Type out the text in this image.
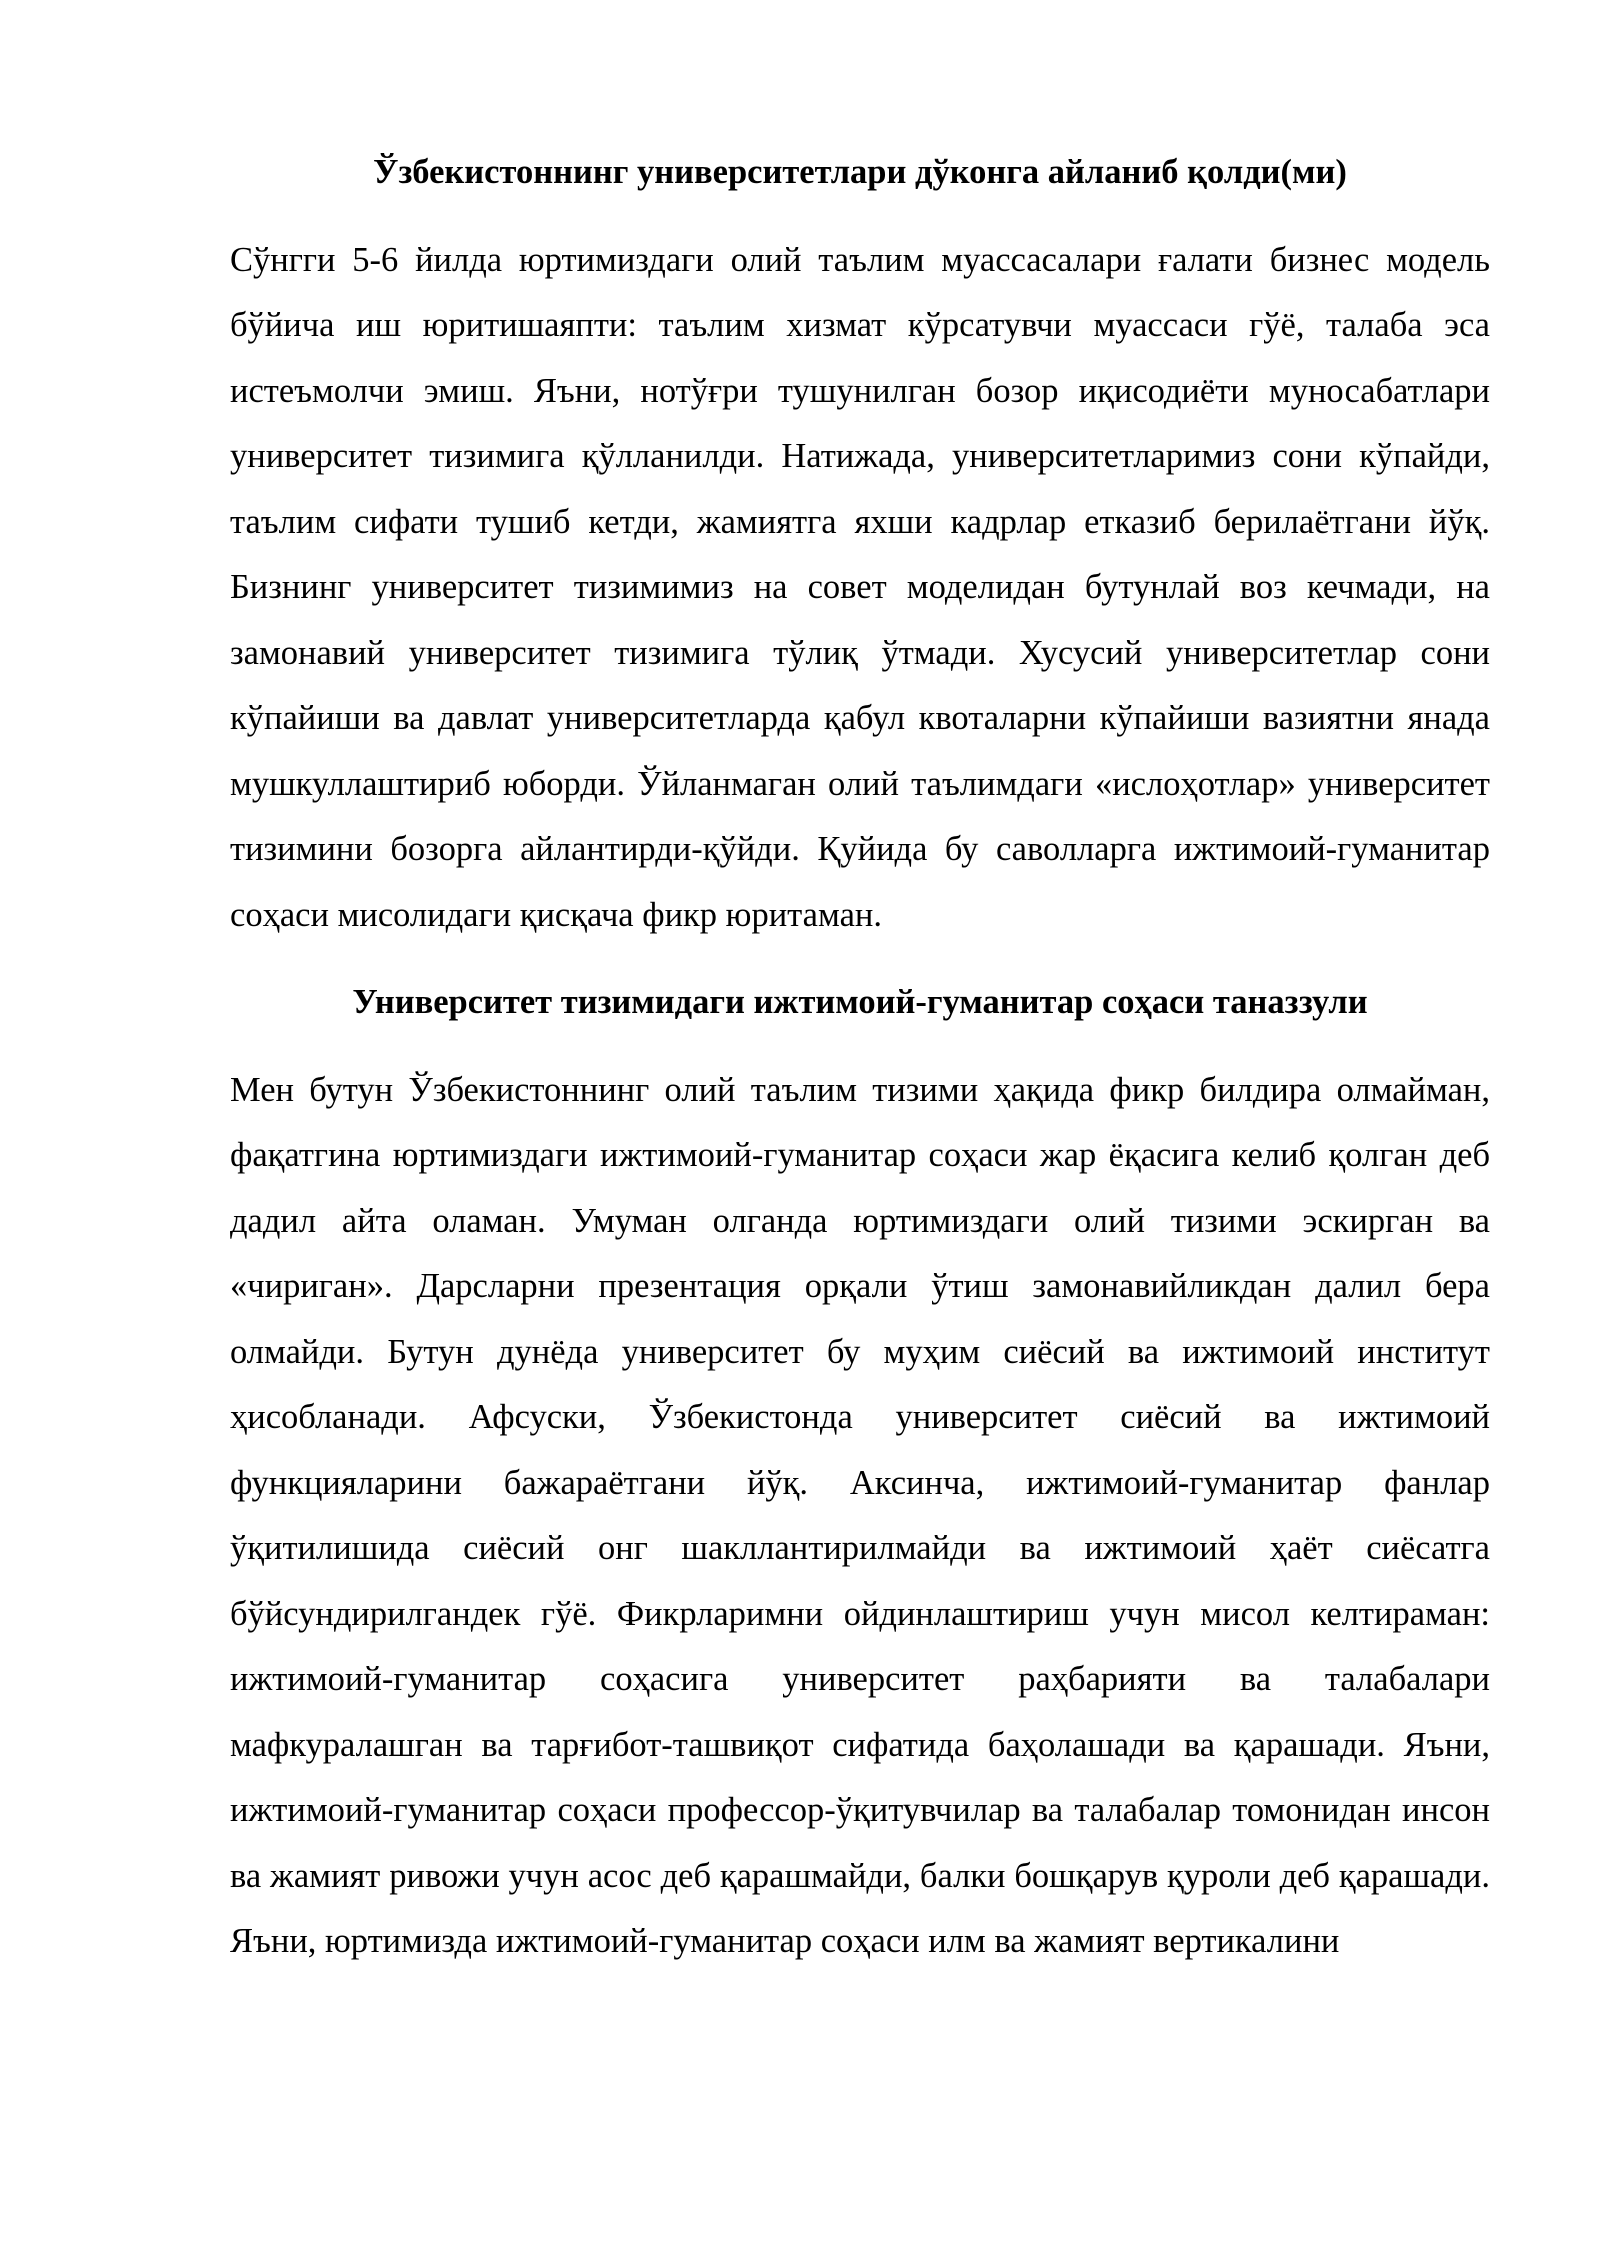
Ўзбекистоннинг университетлари дўконга айланиб қолди(ми)

Сўнгги 5-6 йилда юртимиздаги олий таълим муассасалари ғалати бизнес модель бўйича иш юритишаяпти: таълим хизмат кўрсатувчи муассаси гўё, талаба эса истеъмолчи эмиш. Яъни, нотўғри тушунилган бозор иқисодиёти муносабатлари университет тизимига қўлланилди. Натижада, университетларимиз сони кўпайди, таълим сифати тушиб кетди, жамиятга яхши кадрлар етказиб берилаётгани йўқ. Бизнинг университет тизимимиз на совет моделидан бутунлай воз кечмади, на замонавий университет тизимига тўлиқ ўтмади. Хусусий университетлар сони кўпайиши ва давлат университетларда қабул квоталарни кўпайиши вазиятни янада мушкуллаштириб юборди. Ўйланмаган олий таълимдаги «ислоҳотлар» университет тизимини бозорга айлантирди-қўйди. Қуйида бу саволларга ижтимоий-гуманитар соҳаси мисолидаги қисқача фикр юритаман.

Университет тизимидаги ижтимоий-гуманитар соҳаси таназзули

Мен бутун Ўзбекистоннинг олий таълим тизими ҳақида фикр билдира олмайман, фақатгина юртимиздаги ижтимоий-гуманитар соҳаси жар ёқасига келиб қолган деб дадил айта оламан. Умуман олганда юртимиздаги олий тизими эскирган ва «чириган». Дарсларни презентация орқали ўтиш замонавийликдан далил бера олмайди. Бутун дунёда университет бу муҳим сиёсий ва ижтимоий институт ҳисобланади. Афсуски, Ўзбекистонда университет сиёсий ва ижтимоий функцияларини бажараётгани йўқ. Аксинча, ижтимоий-гуманитар фанлар ўқитилишида сиёсий онг шакллантирилмайди ва ижтимоий ҳаёт сиёсатга бўйсундирилгандек гўё. Фикрларимни ойдинлаштириш учун мисол келтираман: ижтимоий-гуманитар соҳасига университет раҳбарияти ва талабалари мафкуралашган ва тарғибот-ташвиқот сифатида баҳолашади ва қарашади. Яъни, ижтимоий-гуманитар соҳаси профессор-ўқитувчилар ва талабалар томонидан инсон ва жамият ривожи учун асос деб қарашмайди, балки бошқарув қуроли деб қарашади. Яъни, юртимизда ижтимоий-гуманитар соҳаси илм ва жамият вертикалини
